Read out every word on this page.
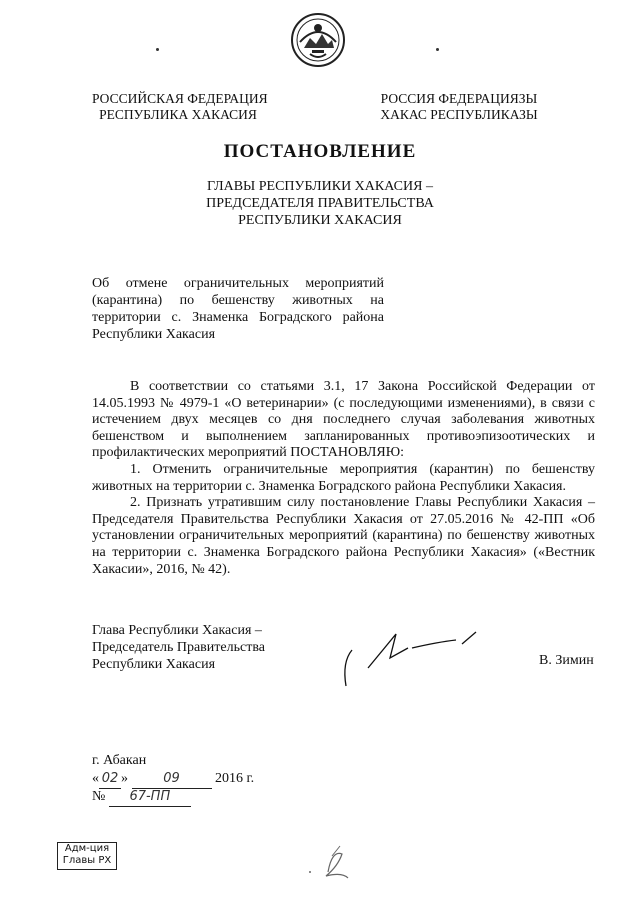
РОССИЙСКАЯ ФЕДЕРАЦИЯ
РЕСПУБЛИКА ХАКАСИЯ
РОССИЯ ФЕДЕРАЦИЯЗЫ
ХАКАС РЕСПУБЛИКАЗЫ
ПОСТАНОВЛЕНИЕ
ГЛАВЫ РЕСПУБЛИКИ ХАКАСИЯ –
ПРЕДСЕДАТЕЛЯ ПРАВИТЕЛЬСТВА
РЕСПУБЛИКИ ХАКАСИЯ
Об отмене ограничительных мероприятий (карантина) по бешенству животных на территории с. Знаменка Боградского района Республики Хакасия

В соответствии со статьями 3.1, 17 Закона Российской Федерации от 14.05.1993 № 4979-1 «О ветеринарии» (с последующими изменениями), в связи с истечением двух месяцев со дня последнего случая заболевания животных бешенством и выполнением запланированных противоэпизоотических и профилактических мероприятий ПОСТАНОВЛЯЮ:

1. Отменить ограничительные мероприятия (карантин) по бешенству животных на территории с. Знаменка Боградского района Республики Хакасия.

2. Признать утратившим силу постановление Главы Республики Хакасия – Председателя Правительства Республики Хакасия от 27.05.2016 № 42-ПП «Об установлении ограничительных мероприятий (карантина) по бешенству животных на территории с. Знаменка Боградского района Республики Хакасия» («Вестник Хакасии», 2016, № 42).

Глава Республики Хакасия –
Председатель Правительства
Республики Хакасия	В. Зимин
г. Абакан
« 02 »	09	2016 г.
№ 67-ПП
Адм-ция
Главы РХ
